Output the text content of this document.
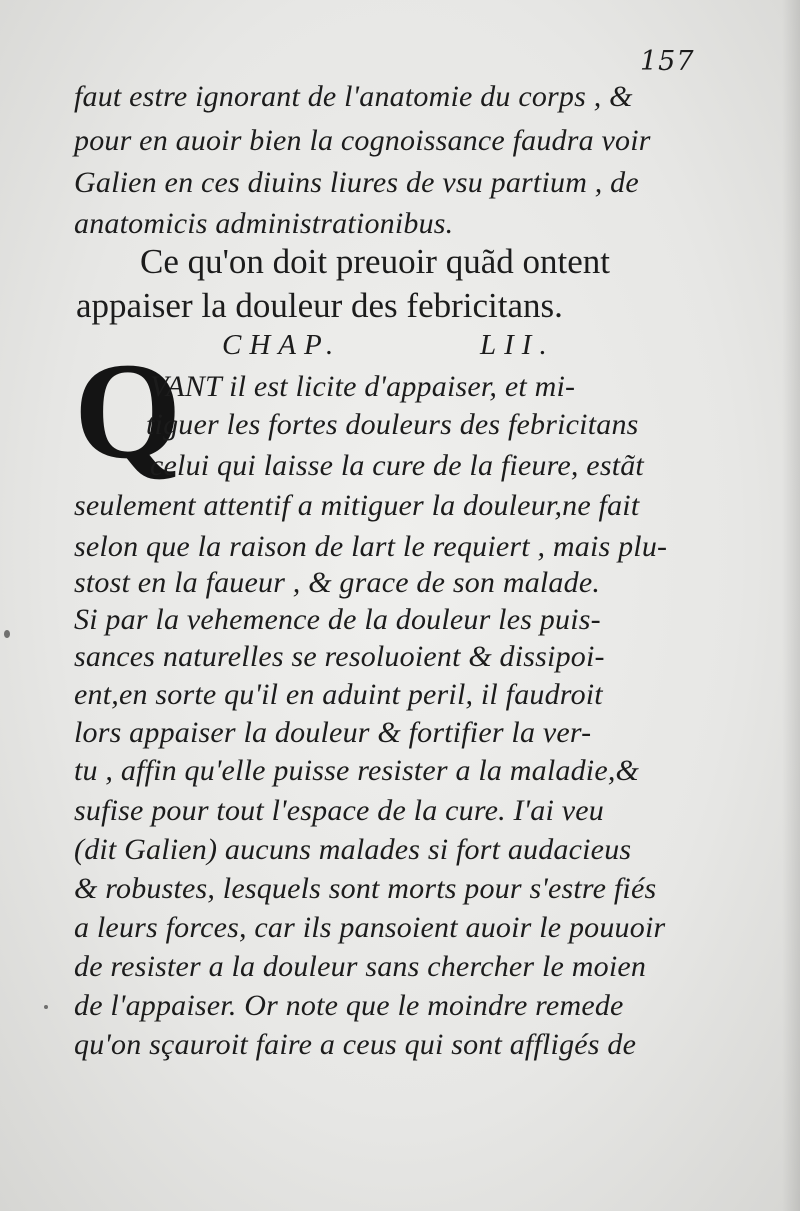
157
faut estre ignorant de l'anatomie du corps , &
pour en auoir bien la cognoissance faudra voir
Galien en ces diuins liures de vsu partium , de
anatomicis administrationibus.
Ce qu'on doit preuoir quãd ontent
appaiser la douleur des febricitans.
CHAP.	LII.
Q
VANT il est licite d'appaiser, et mi-
tiguer les fortes douleurs des febricitans
celui qui laisse la cure de la fieure, estãt
seulement attentif a mitiguer la douleur,ne fait
selon que la raison de lart le requiert , mais plu-
stost en la faueur , & grace de son malade.
Si par la vehemence de la douleur les puis-
sances naturelles se resoluoient & dissipoi-
ent,en sorte qu'il en aduint peril, il faudroit
lors appaiser la douleur & fortifier la ver-
tu , affin qu'elle puisse resister a la maladie,&
sufise pour tout l'espace de la cure. I'ai veu
(dit Galien) aucuns malades si fort audacieus
& robustes, lesquels sont morts pour s'estre fiés
a leurs forces, car ils pansoient auoir le pouuoir
de resister a la douleur sans chercher le moien
de l'appaiser. Or note que le moindre remede
qu'on sçauroit faire a ceus qui sont affligés de
